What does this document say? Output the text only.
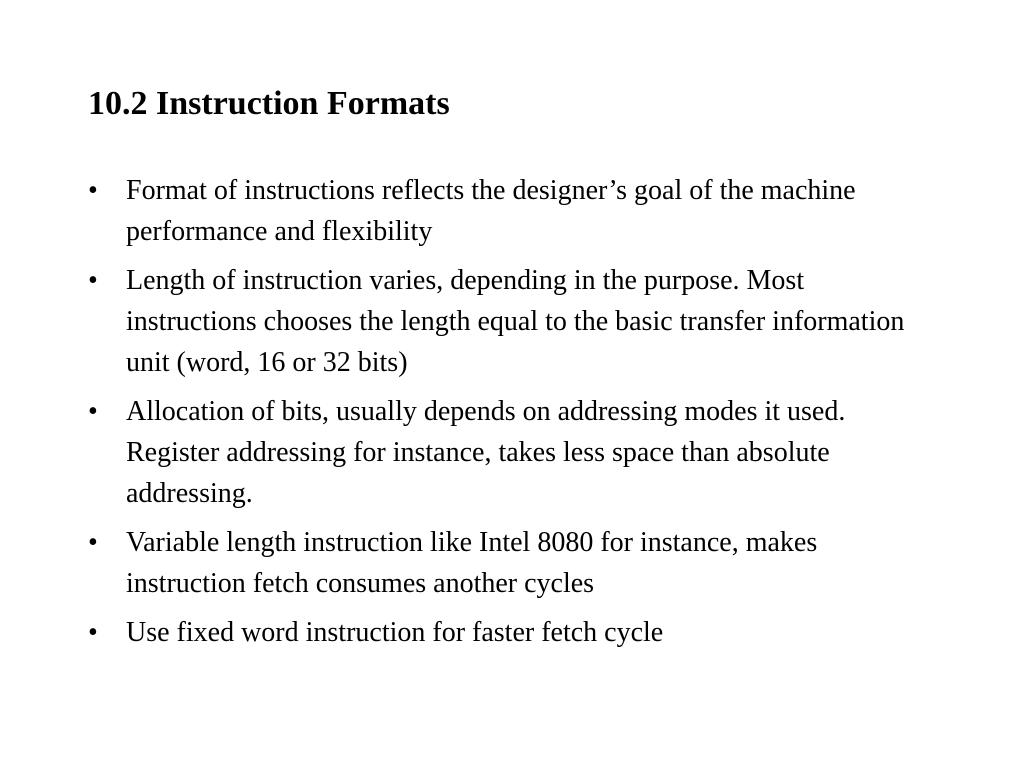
10.2 Instruction Formats
•	Format of instructions reflects the designer’s goal of the machine performance and flexibility
•	Length of instruction varies, depending in the purpose. Most instructions chooses the length equal to the basic transfer information unit (word, 16 or 32 bits)
•	Allocation of bits, usually depends on addressing modes it used. Register addressing for instance, takes less space than absolute addressing.
•	Variable length instruction like Intel 8080 for instance, makes instruction fetch consumes another cycles
•	Use fixed word instruction for faster fetch cycle
